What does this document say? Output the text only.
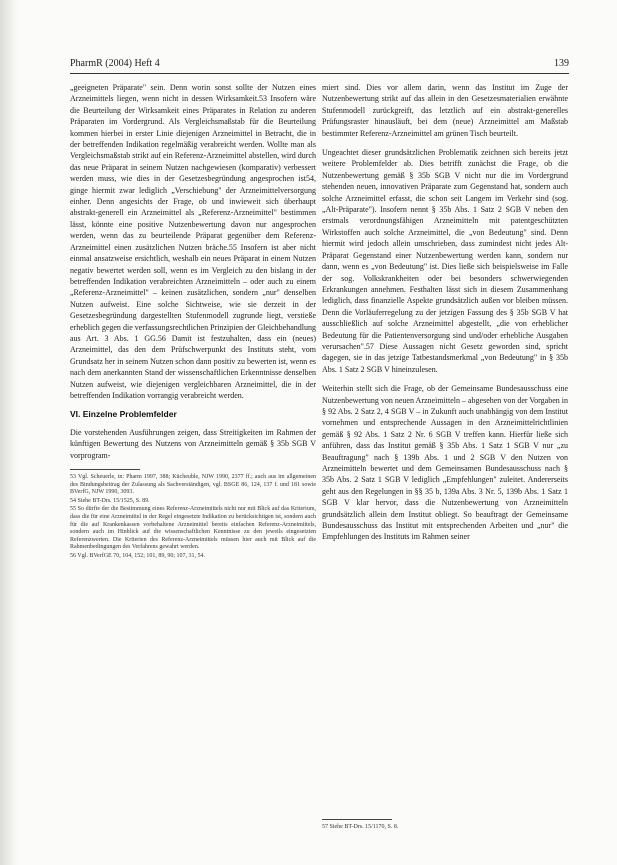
PharmR (2004) Heft 4	139

„geeigneten Präparate" sein. Denn worin sonst sollte der Nutzen eines Arzneimittels liegen, wenn nicht in dessen Wirksamkeit.53 Insofern wäre die Beurteilung der Wirksamkeit eines Präparates in Relation zu anderen Präparaten im Vordergrund. Als Vergleichsmaßstab für die Beurteilung kommen hierbei in erster Linie diejenigen Arzneimittel in Betracht, die in der betreffenden Indikation regelmäßig verabreicht werden. Wollte man als Vergleichsmaßstab strikt auf ein Referenz-Arzneimittel abstellen, wird durch das neue Präparat in seinem Nutzen nachgewiesen (komparativ) verbessert werden muss, wie dies in der Gesetzesbegründung angesprochen ist54, ginge hiermit zwar lediglich „Verschiebung" der Arzneimittelversorgung einher. Denn angesichts der Frage, ob und inwieweit sich überhaupt abstrakt-generell ein Arzneimittel als „Referenz-Arzneimittel" bestimmen lässt, könnte eine positive Nutzenbewertung davon nur angesprochen werden, wenn das zu beurteilende Präparat gegenüber dem Referenz-Arzneimittel einen zusätzlichen Nutzen bräche.55 Insofern ist aber nicht einmal ansatzweise ersichtlich, weshalb ein neues Präparat in einem Nutzen negativ bewertet werden soll, wenn es im Vergleich zu den bislang in der betreffenden Indikation verabreichten Arzneimitteln – oder auch zu einem „Referenz-Arzneimittel" – keinen zusätzlichen, sondern „nur" denselben Nutzen aufweist. Eine solche Sichtweise, wie sie derzeit in der Gesetzesbegründung dargestellten Stufenmodell zugrunde liegt, verstieße erheblich gegen die verfassungsrechtlichen Prinzipien der Gleichbehandlung aus Art. 3 Abs. 1 GG.56 Damit ist festzuhalten, dass ein (neues) Arzneimittel, das den dem Prüfschwerpunkt des Instituts steht, vom Grundsatz her in seinem Nutzen schon dann positiv zu bewerten ist, wenn es nach dem anerkannten Stand der wissenschaftlichen Erkenntnisse denselben Nutzen aufweist, wie diejenigen vergleichbaren Arzneimittel, die in der betreffenden Indikation vorrangig verabreicht werden.

VI. Einzelne Problemfelder

Die vorstehenden Ausführungen zeigen, dass Streitigkeiten im Rahmen der künftigen Bewertung des Nutzens von Arzneimitteln gemäß § 35b SGB V vorprogram-

53 Vgl. Scheuerle, in: Pharm 1997, 388; Kücheuble, NJW 1990, 2377 ff.; auch aus im allgemeinen des Bindungsbeitrag der Zulassung als Sachverständigen, vgl. BSGE 86, 124, 137 f. und 181 sowie BVerfG, NJW 1990, 3093.
54 Siehe BT-Drs. 15/1525, S. 89.
55 So dürfte der die Bestimmung eines Referenz-Arzneimittels nicht nur mit Blick auf das Kriterium, dass die für eine Arzneimittel in der Regel eingesetzte Indikation zu berücksichtigen ist, sondern auch für die auf Krankenkassen vorbehaltene Arzneimittel bereits einfachen Referenz-Arzneimittels, sondern auch im Hinblick auf die wissenschaftlichen Kenntnisse zu den jeweils eingesetzten Referenzwerten. Die Kriterien des Referenz-Arzneimittels müssen hier auch mit Blick auf die Rahmenbedingungen des Verfahrens gewahrt werden.
56 Vgl. BVerfGE 70, 104, 152; 101, 89, 90; 107, 31, 54.

miert sind. Dies vor allem darin, wenn das Institut im Zuge der Nutzenbewertung strikt auf das allein in den Gesetzesmaterialien erwähnte Stufenmodell zurückgreift, das letztlich auf ein abstrakt-generelles Prüfungsraster hinausläuft, bei dem (neue) Arzneimittel am Maßstab bestimmter Referenz-Arzneimittel am grünen Tisch beurteilt.

Ungeachtet dieser grundsätzlichen Problematik zeichnen sich bereits jetzt weitere Problemfelder ab. Dies betrifft zunächst die Frage, ob die Nutzenbewertung gemäß § 35b SGB V nicht nur die im Vordergrund stehenden neuen, innovativen Präparate zum Gegenstand hat, sondern auch solche Arzneimittel erfasst, die schon seit Langem im Verkehr sind (sog. „Alt-Präparate"). Insofern nennt § 35b Abs. 1 Satz 2 SGB V neben den erstmals verordnungsfähigen Arzneimitteln mit patentgeschützten Wirkstoffen auch solche Arzneimittel, die „von Bedeutung" sind. Denn hiermit wird jedoch allein umschrieben, dass zumindest nicht jedes Alt-Präparat Gegenstand einer Nutzenbewertung werden kann, sondern nur dann, wenn es „von Bedeutung" ist. Dies ließe sich beispielsweise im Falle der sog. Volkskrankheiten oder bei besonders schwerwiegenden Erkrankungen annehmen. Festhalten lässt sich in diesem Zusammenhang lediglich, dass finanzielle Aspekte grundsätzlich außen vor bleiben müssen. Denn die Vorläuferregelung zu der jetzigen Fassung des § 35b SGB V hat ausschließlich auf solche Arzneimittel abgestellt, „die von erheblicher Bedeutung für die Patientenversorgung sind und/oder erhebliche Ausgaben verursachen".57 Diese Aussagen nicht Gesetz geworden sind, spricht dagegen, sie in das jetzige Tatbestandsmerkmal „von Bedeutung" in § 35b Abs. 1 Satz 2 SGB V hineinzulesen.

Weiterhin stellt sich die Frage, ob der Gemeinsame Bundesausschuss eine Nutzenbewertung von neuen Arzneimitteln – abgesehen von der Vorgaben in § 92 Abs. 2 Satz 2, 4 SGB V – in Zukunft auch unabhängig von dem Institut vornehmen und entsprechende Aussagen in den Arzneimittelrichtlinien gemäß § 92 Abs. 1 Satz 2 Nr. 6 SGB V treffen kann. Hierfür ließe sich anführen, dass das Institut gemäß § 35b Abs. 1 Satz 1 SGB V nur „zu Beauftragung" nach § 139b Abs. 1 und 2 SGB V den Nutzen von Arzneimitteln bewertet und dem Gemeinsamen Bundesausschuss nach § 35b Abs. 2 Satz 1 SGB V lediglich „Empfehlungen" zuleitet. Andererseits geht aus den Regelungen in §§ 35 b, 139a Abs. 3 Nr. 5, 139b Abs. 1 Satz 1 SGB V klar hervor, dass die Nutzenbewertung von Arzneimitteln grundsätzlich allein dem Institut obliegt. So beauftragt der Gemeinsame Bundesausschuss das Institut mit entsprechenden Arbeiten und „nur" die Empfehlungen des Instituts im Rahmen seiner

57 Siehe BT-Drs. 15/1170, S. 8.
